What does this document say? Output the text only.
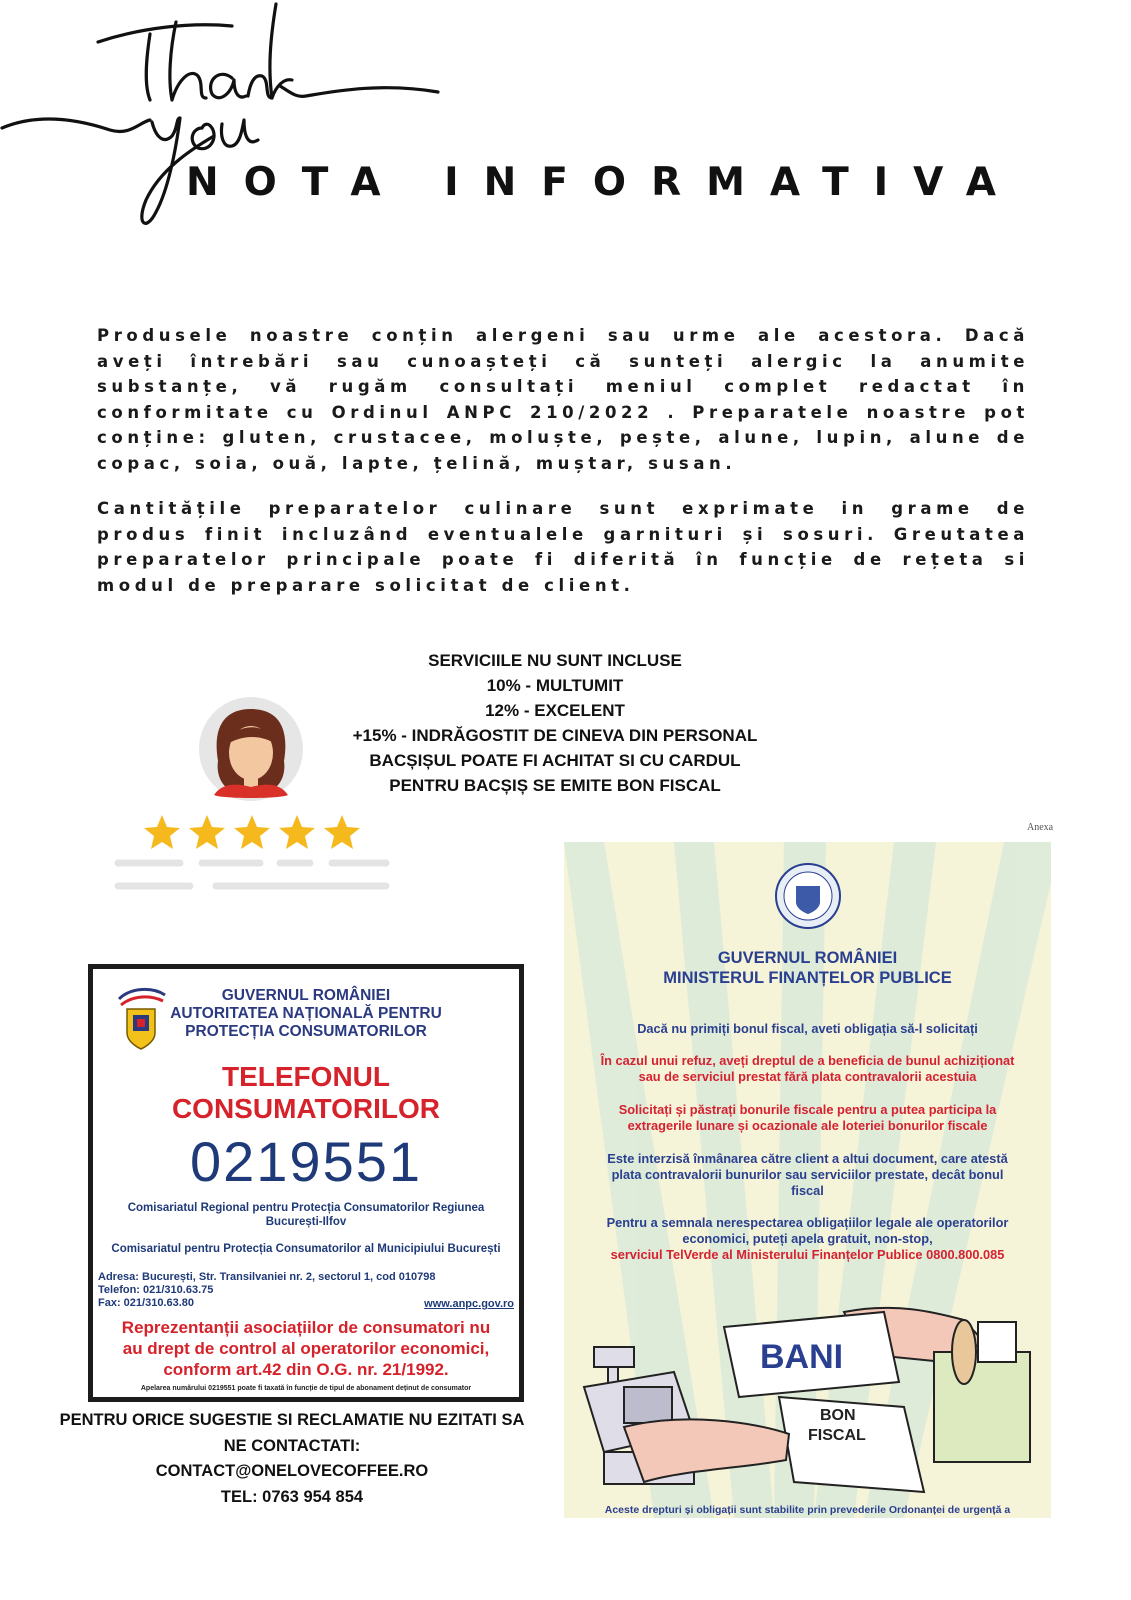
NOTA INFORMATIVA
Produsele noastre conțin alergeni sau urme ale acestora. Dacă aveți întrebări sau cunoașteți că sunteți alergic la anumite substanțe, vă rugăm consultați meniul complet redactat în conformitate cu Ordinul ANPC 210/2022 . Preparatele noastre pot conține: gluten, crustacee, moluște, pește, alune, lupin, alune de copac, soia, ouă, lapte, țelină, muștar, susan.
Cantitățile preparatelor culinare sunt exprimate in grame de produs finit incluzând eventualele garnituri și sosuri. Greutatea preparatelor principale poate fi diferită în funcție de rețeta si modul de preparare solicitat de client.
SERVICIILE NU SUNT INCLUSE
10% - MULTUMIT
12% - EXCELENT
+15% - INDRĂGOSTIT DE CINEVA DIN PERSONAL
BACȘIȘUL POATE FI ACHITAT SI CU CARDUL
PENTRU BACȘIȘ SE EMITE BON FISCAL
GUVERNUL ROMÂNIEI
AUTORITATEA NAȚIONALĂ PENTRU
PROTECȚIA CONSUMATORILOR
TELEFONUL
CONSUMATORILOR
0219551
Comisariatul Regional pentru Protecția Consumatorilor Regiunea
București-Ilfov
Comisariatul pentru Protecția Consumatorilor al Municipiului București
Adresa: București, Str. Transilvaniei nr. 2, sectorul 1, cod 010798
Telefon: 021/310.63.75
Fax: 021/310.63.80	www.anpc.gov.ro
Reprezentanții asociațiilor de consumatori nu
au drept de control al operatorilor economici,
conform art.42 din O.G. nr. 21/1992.
Apelarea numărului 0219551 poate fi taxată în funcție de tipul de abonament deținut de consumator
PENTRU ORICE SUGESTIE SI RECLAMATIE NU EZITATI SA
NE CONTACTATI:
CONTACT@ONELOVECOFFEE.RO
TEL: 0763 954 854
Anexa
GUVERNUL ROMÂNIEI
MINISTERUL FINANȚELOR PUBLICE
Dacă nu primiți bonul fiscal, aveti obligația să-l solicitați
În cazul unui refuz, aveți dreptul de a beneficia de bunul achiziționat
sau de serviciul prestat fără plata contravalorii acestuia
Solicitați și păstrați bonurile fiscale pentru a putea participa la
extragerile lunare și ocazionale ale loteriei bonurilor fiscale
Este interzisă înmânarea către client a altui document, care atestă
plata contravalorii bunurilor sau serviciilor prestate, decât bonul
fiscal
Pentru a semnala nerespectarea obligațiilor legale ale operatorilor
economici, puteți apela gratuit, non-stop,
serviciul TelVerde al Ministerului Finanțelor Publice 0800.800.085
BANI
BON
FISCAL
Aceste drepturi și obligații sunt stabilite prin prevederile Ordonanței de urgență a
